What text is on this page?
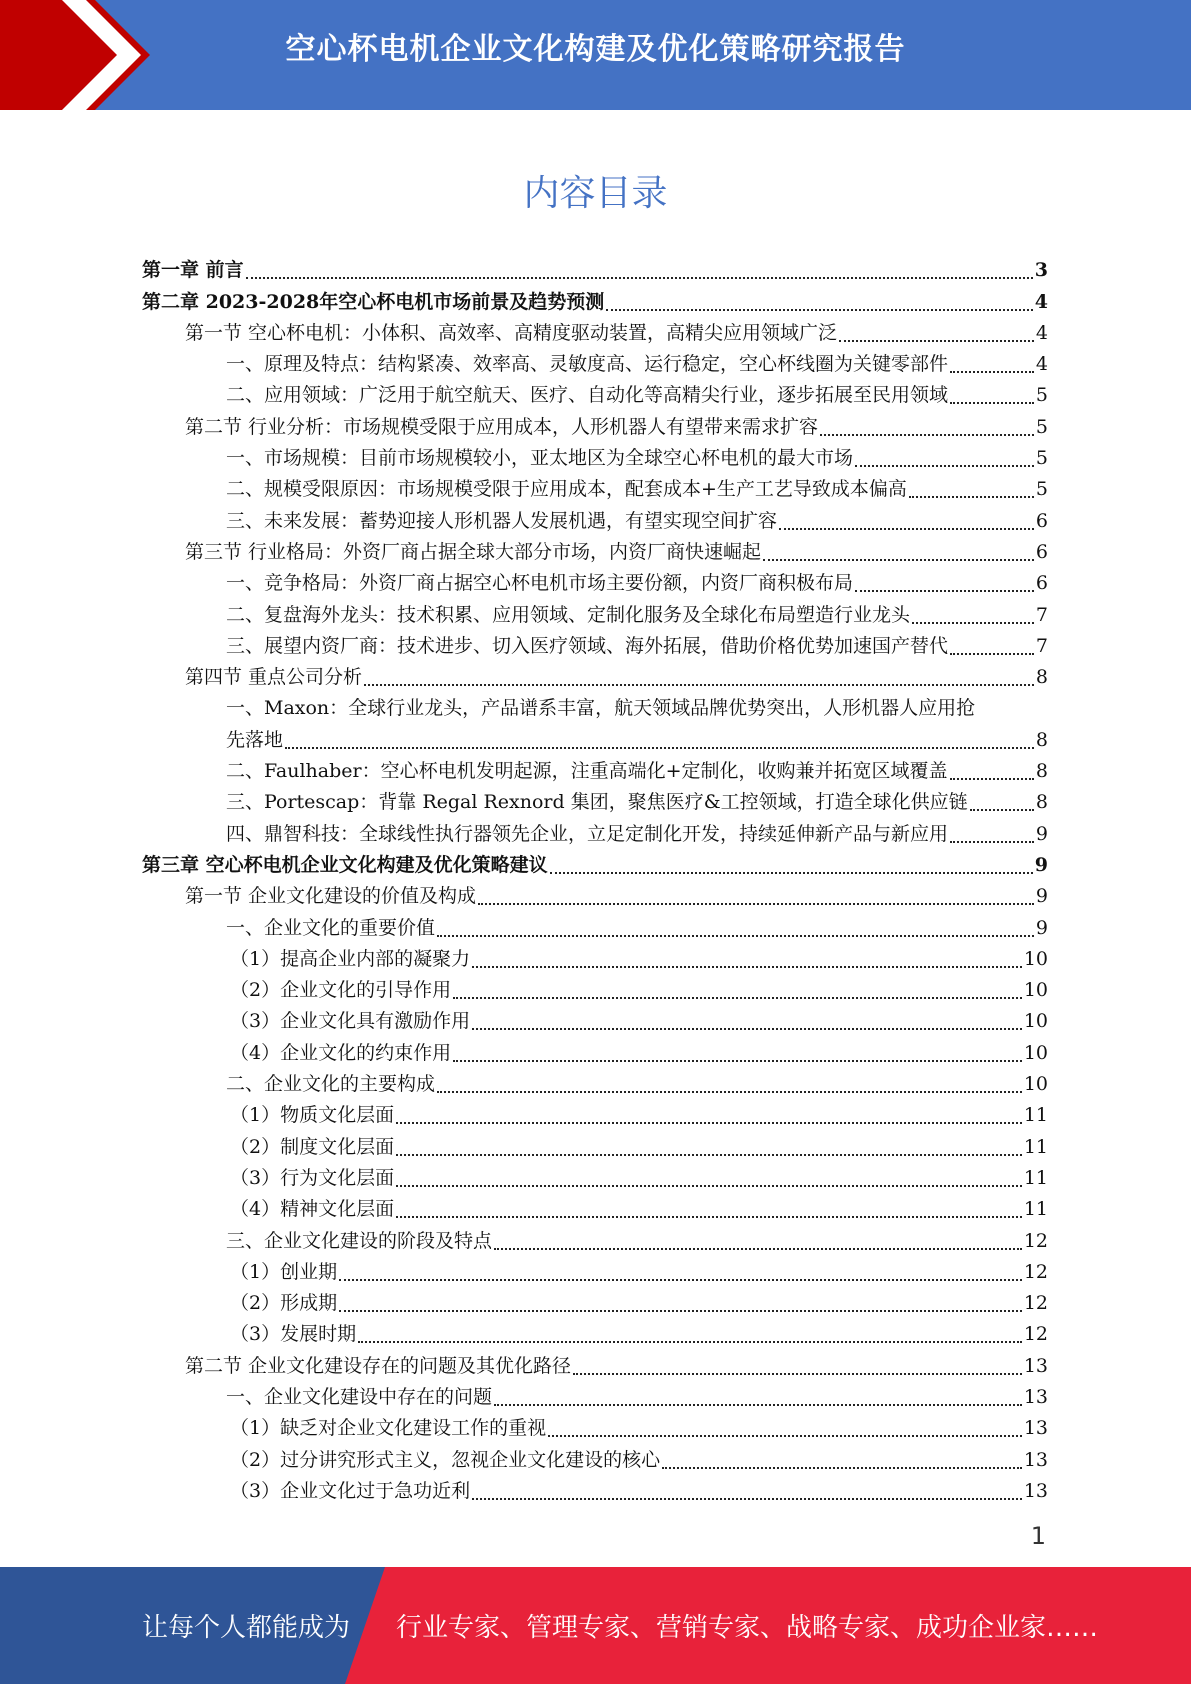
空心杯电机企业文化构建及优化策略研究报告
内容目录
第一章 前言	3
第二章 2023-2028年空心杯电机市场前景及趋势预测	4
第一节 空心杯电机：小体积、高效率、高精度驱动装置，高精尖应用领域广泛	4
一、原理及特点：结构紧凑、效率高、灵敏度高、运行稳定，空心杯线圈为关键零部件	4
二、应用领域：广泛用于航空航天、医疗、自动化等高精尖行业，逐步拓展至民用领域	5
第二节 行业分析：市场规模受限于应用成本，人形机器人有望带来需求扩容	5
一、市场规模：目前市场规模较小，亚太地区为全球空心杯电机的最大市场	5
二、规模受限原因：市场规模受限于应用成本，配套成本+生产工艺导致成本偏高	5
三、未来发展：蓄势迎接人形机器人发展机遇，有望实现空间扩容	6
第三节 行业格局：外资厂商占据全球大部分市场，内资厂商快速崛起	6
一、竞争格局：外资厂商占据空心杯电机市场主要份额，内资厂商积极布局	6
二、复盘海外龙头：技术积累、应用领域、定制化服务及全球化布局塑造行业龙头	7
三、展望内资厂商：技术进步、切入医疗领域、海外拓展，借助价格优势加速国产替代	7
第四节 重点公司分析	8
一、Maxon：全球行业龙头，产品谱系丰富，航天领域品牌优势突出，人形机器人应用抢
先落地	8
二、Faulhaber：空心杯电机发明起源，注重高端化+定制化，收购兼并拓宽区域覆盖	8
三、Portescap：背靠 Regal Rexnord 集团，聚焦医疗&工控领域，打造全球化供应链	8
四、鼎智科技：全球线性执行器领先企业，立足定制化开发，持续延伸新产品与新应用	9
第三章 空心杯电机企业文化构建及优化策略建议	9
第一节 企业文化建设的价值及构成	9
一、企业文化的重要价值	9
（1）提高企业内部的凝聚力	10
（2）企业文化的引导作用	10
（3）企业文化具有激励作用	10
（4）企业文化的约束作用	10
二、企业文化的主要构成	10
（1）物质文化层面	11
（2）制度文化层面	11
（3）行为文化层面	11
（4）精神文化层面	11
三、企业文化建设的阶段及特点	12
（1）创业期	12
（2）形成期	12
（3）发展时期	12
第二节 企业文化建设存在的问题及其优化路径	13
一、企业文化建设中存在的问题	13
（1）缺乏对企业文化建设工作的重视	13
（2）过分讲究形式主义，忽视企业文化建设的核心	13
（3）企业文化过于急功近利	13
1
让每个人都能成为 行业专家、管理专家、营销专家、战略专家、成功企业家……
